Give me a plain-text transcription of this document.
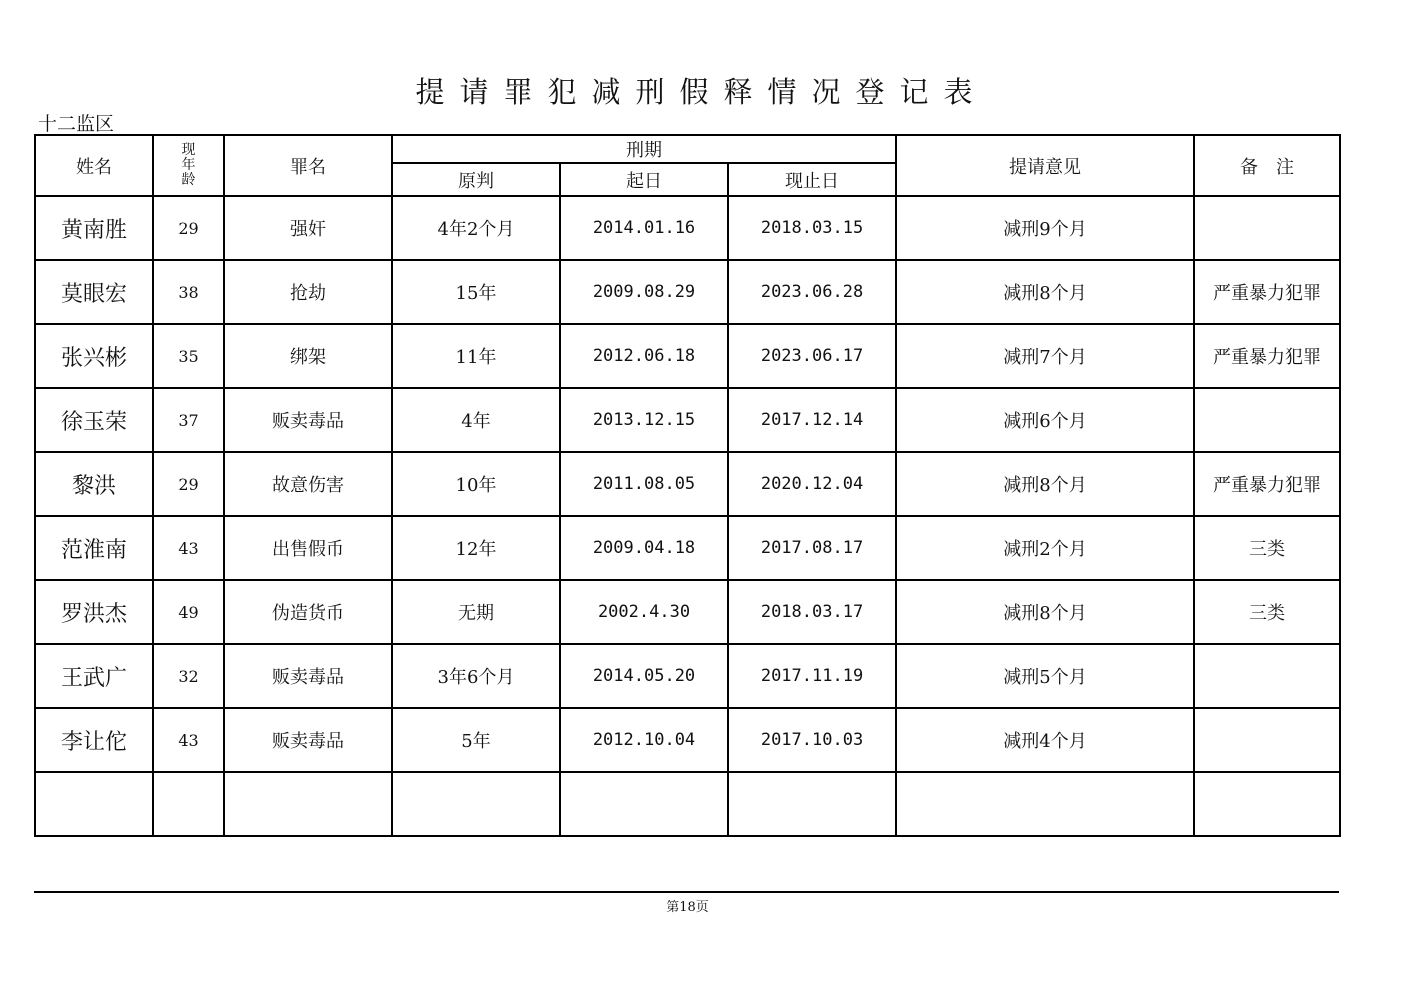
提请罪犯减刑假释情况登记表
十二监区
姓名	现
年
龄	罪名	刑期			提请意见	备　注
			原判	起日	现止日		
黄南胜	29	强奸	4年2个月	2014.01.16	2018.03.15	减刑9个月	
莫眼宏	38	抢劫	15年	2009.08.29	2023.06.28	减刑8个月	严重暴力犯罪
张兴彬	35	绑架	11年	2012.06.18	2023.06.17	减刑7个月	严重暴力犯罪
徐玉荣	37	贩卖毒品	4年	2013.12.15	2017.12.14	减刑6个月	
黎洪	29	故意伤害	10年	2011.08.05	2020.12.04	减刑8个月	严重暴力犯罪
范淮南	43	出售假币	12年	2009.04.18	2017.08.17	减刑2个月	三类
罗洪杰	49	伪造货币	无期	2002.4.30	2018.03.17	减刑8个月	三类
王武广	32	贩卖毒品	3年6个月	2014.05.20	2017.11.19	减刑5个月	
李让佗	43	贩卖毒品	5年	2012.10.04	2017.10.03	减刑4个月	

第18页
